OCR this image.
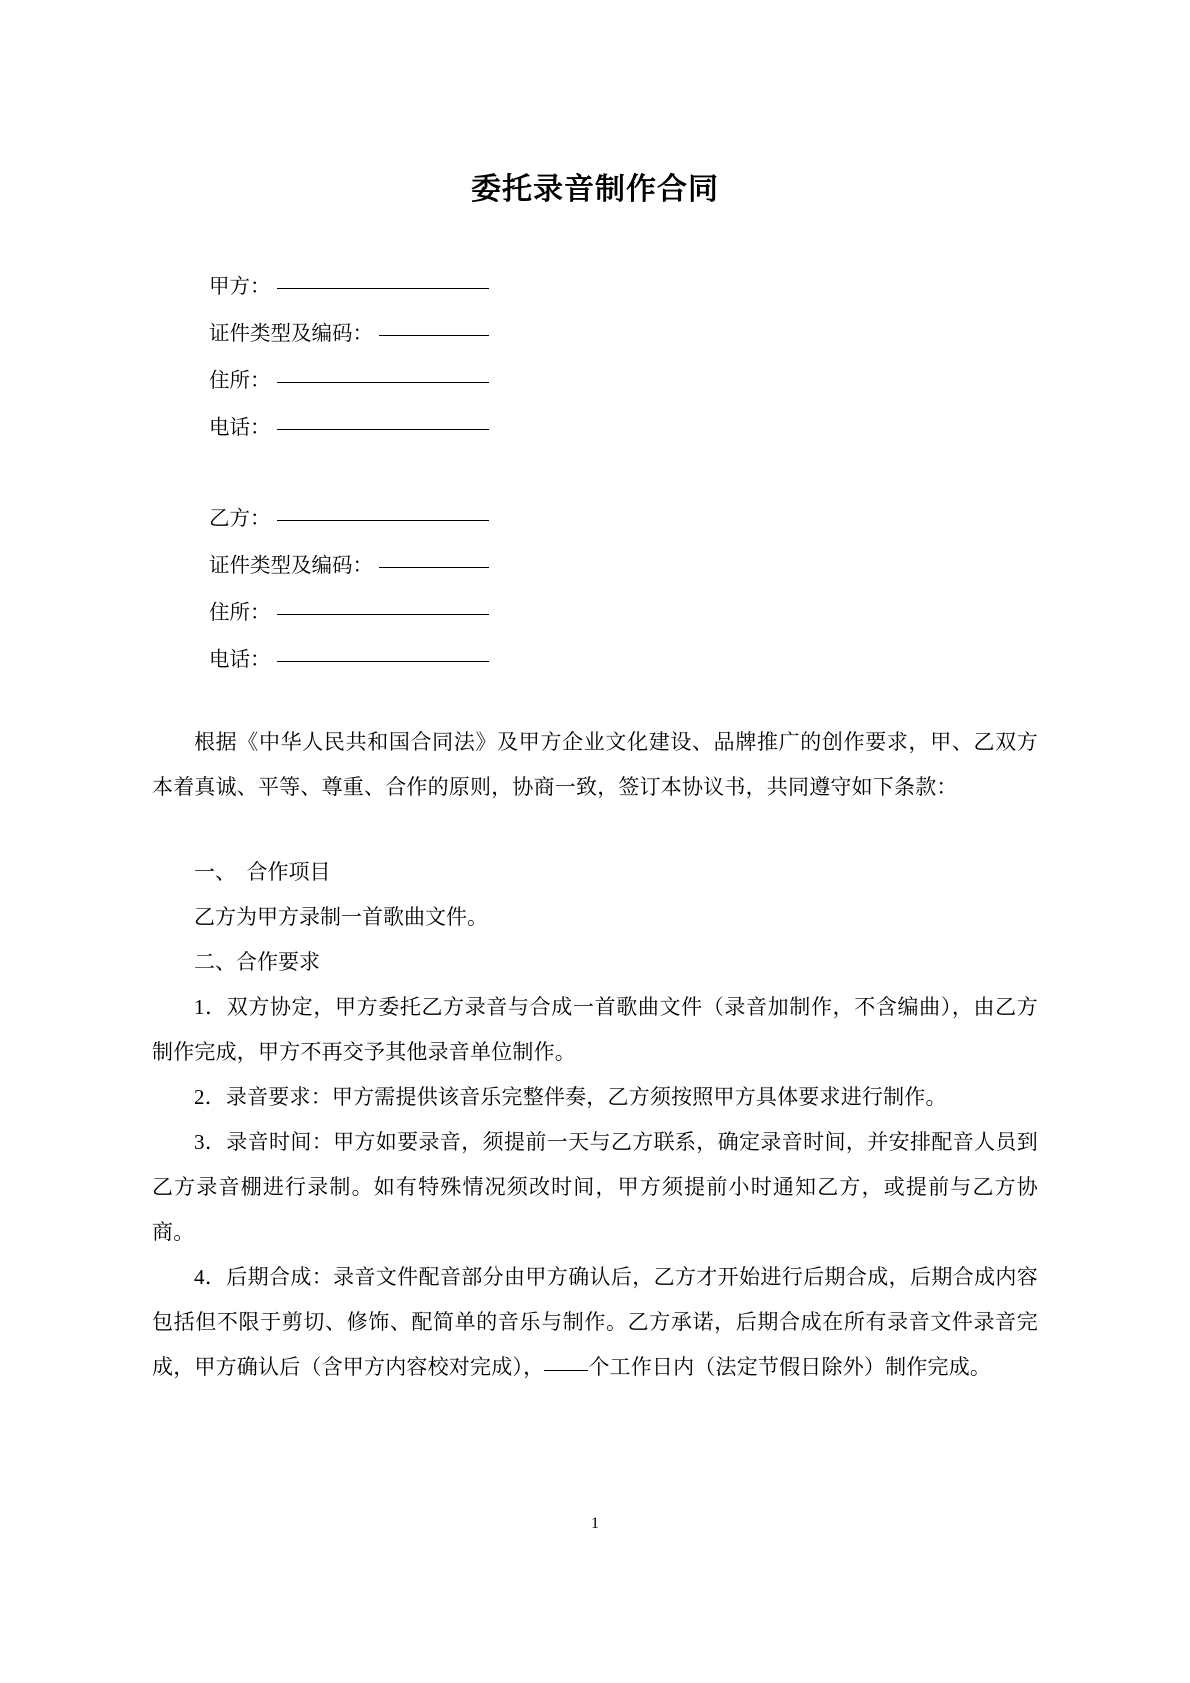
委托录音制作合同
甲方：
证件类型及编码：
住所：
电话：
乙方：
证件类型及编码：
住所：
电话：

根据《中华人民共和国合同法》及甲方企业文化建设、品牌推广的创作要求，甲、乙双方本着真诚、平等、尊重、合作的原则，协商一致，签订本协议书，共同遵守如下条款：

一、　合作项目

乙方为甲方录制一首歌曲文件。

二、合作要求

1．双方协定，甲方委托乙方录音与合成一首歌曲文件（录音加制作，不含编曲），由乙方制作完成，甲方不再交予其他录音单位制作。

2．录音要求：甲方需提供该音乐完整伴奏，乙方须按照甲方具体要求进行制作。

3．录音时间：甲方如要录音，须提前一天与乙方联系，确定录音时间，并安排配音人员到乙方录音棚进行录制。如有特殊情况须改时间，甲方须提前小时通知乙方，或提前与乙方协商。

4．后期合成：录音文件配音部分由甲方确认后，乙方才开始进行后期合成，后期合成内容包括但不限于剪切、修饰、配简单的音乐与制作。乙方承诺，后期合成在所有录音文件录音完成，甲方确认后（含甲方内容校对完成）， 个工作日内（法定节假日除外）制作完成。

1
